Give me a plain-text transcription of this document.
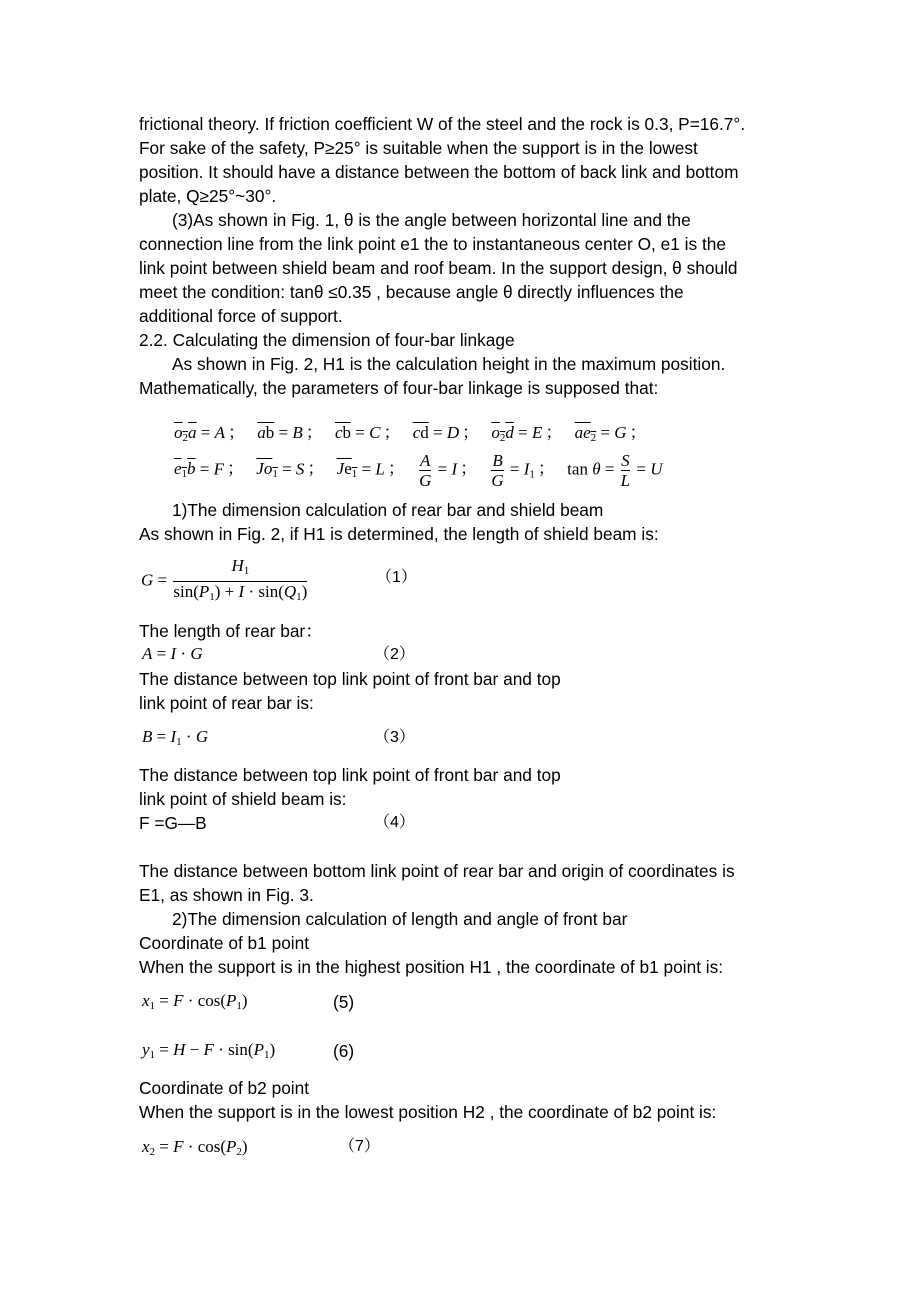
frictional theory. If friction coefficient W of the steel and the rock is 0.3, P=16.7°.
For sake of the safety, P≥25° is suitable when the support is in the lowest
position. It should have a distance between the bottom of back link and bottom
plate, Q≥25°~30°.
(3)As shown in Fig. 1, θ is the angle between horizontal line and the
connection line from the link point e1 the to instantaneous center O, e1 is the
link point between shield beam and roof beam. In the support design, θ should
meet the condition: tanθ ≤0.35 , because angle θ directly influences the
additional force of support.
2.2. Calculating the dimension of four-bar linkage
As shown in Fig. 2, H1 is the calculation height in the maximum position.
Mathematically, the parameters of four-bar linkage is supposed that:
$o_2a = A$ ； ab = B ； cb = C ； cd = D ； $o_2d = E$ ； $ae_2 = G$ ；
$e_1b = F$ ； $Jo_1 = S$ ； $Je_1 = L$ ； $\frac{A}{G} = I$ ； $\frac{B}{G} = I_1$ ； $\tan \theta = \frac{S}{L} = U$
1)The dimension calculation of rear bar and shield beam
As shown in Fig. 2, if H1 is determined, the length of shield beam is:
$G = \frac{H_1}{\sin(P_1) + I \cdot \sin(Q_1)}$	（1）
The length of rear bar：
A = I · G	（2）
The distance between top link point of front bar and top
link point of rear bar is:
$B = I_1 \cdot G$	（3）
The distance between top link point of front bar and top
link point of shield beam is:
F =G—B	（4）
The distance between bottom link point of rear bar and origin of coordinates is
E1, as shown in Fig. 3.
2)The dimension calculation of length and angle of front bar
Coordinate of b1 point
When the support is in the highest position H1 , the coordinate of b1 point is:
$x_1 = F \cdot \cos(P_1)$	(5)
$y_1 = H - F \cdot \sin(P_1)$	(6)
Coordinate of b2 point
When the support is in the lowest position H2 , the coordinate of b2 point is:
$x_2 = F \cdot \cos(P_2)$	（7）
